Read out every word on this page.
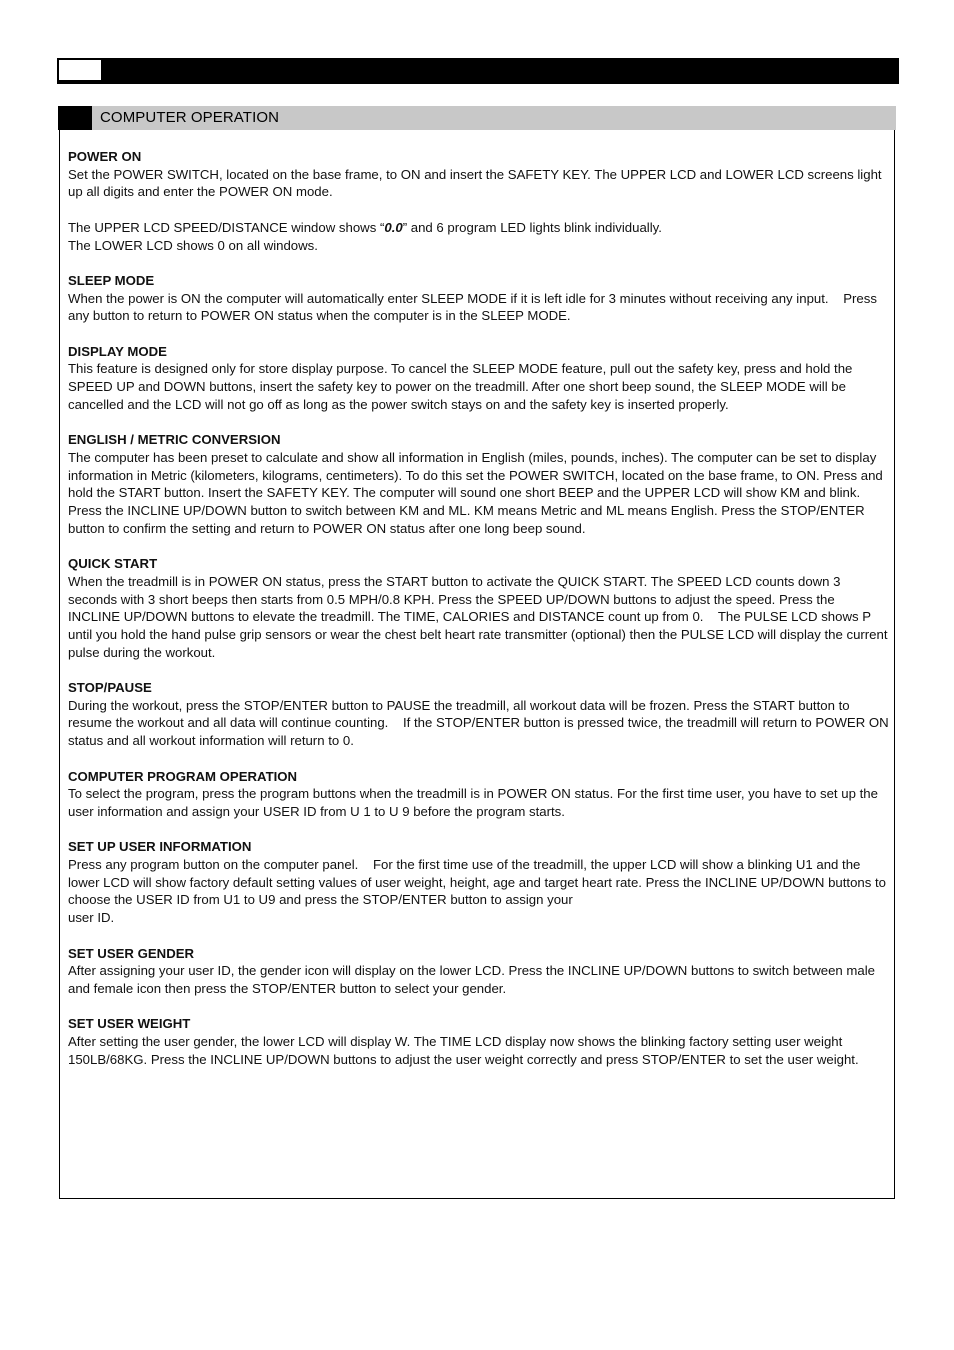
COMPUTER OPERATION
POWER ON

Set the POWER SWITCH, located on the base frame, to ON and insert the SAFETY KEY. The UPPER LCD and LOWER LCD screens light up all digits and enter the POWER ON mode.

The UPPER LCD SPEED/DISTANCE window shows “0.0” and 6 program LED lights blink individually.

The LOWER LCD shows 0 on all windows.

SLEEP MODE

When the power is ON the computer will automatically enter SLEEP MODE if it is left idle for 3 minutes without receiving any input.    Press any button to return to POWER ON status when the computer is in the SLEEP MODE.

DISPLAY MODE

This feature is designed only for store display purpose. To cancel the SLEEP MODE feature, pull out the safety key, press and hold the SPEED UP and DOWN buttons, insert the safety key to power on the treadmill. After one short beep sound, the SLEEP MODE will be cancelled and the LCD will not go off as long as the power switch stays on and the safety key is inserted properly.

ENGLISH / METRIC CONVERSION

The computer has been preset to calculate and show all information in English (miles, pounds, inches). The computer can be set to display information in Metric (kilometers, kilograms, centimeters). To do this set the POWER SWITCH, located on the base frame, to ON. Press and hold the START button. Insert the SAFETY KEY. The computer will sound one short BEEP and the UPPER LCD will show KM and blink. Press the INCLINE UP/DOWN button to switch between KM and ML. KM means Metric and ML means English. Press the STOP/ENTER button to confirm the setting and return to POWER ON status after one long beep sound.

QUICK START

When the treadmill is in POWER ON status, press the START button to activate the QUICK START. The SPEED LCD counts down 3 seconds with 3 short beeps then starts from 0.5 MPH/0.8 KPH. Press the SPEED UP/DOWN buttons to adjust the speed. Press the INCLINE UP/DOWN buttons to elevate the treadmill. The TIME, CALORIES and DISTANCE count up from 0.    The PULSE LCD shows P until you hold the hand pulse grip sensors or wear the chest belt heart rate transmitter (optional) then the PULSE LCD will display the current pulse during the workout.

STOP/PAUSE

During the workout, press the STOP/ENTER button to PAUSE the treadmill, all workout data will be frozen. Press the START button to resume the workout and all data will continue counting.    If the STOP/ENTER button is pressed twice, the treadmill will return to POWER ON status and all workout information will return to 0.

COMPUTER PROGRAM OPERATION

To select the program, press the program buttons when the treadmill is in POWER ON status. For the first time user, you have to set up the user information and assign your USER ID from U 1 to U 9 before the program starts.

SET UP USER INFORMATION

Press any program button on the computer panel.    For the first time use of the treadmill, the upper LCD will show a blinking U1 and the lower LCD will show factory default setting values of user weight, height, age and target heart rate. Press the INCLINE UP/DOWN buttons to choose the USER ID from U1 to U9 and press the STOP/ENTER button to assign your

user ID.

SET USER GENDER

After assigning your user ID, the gender icon will display on the lower LCD. Press the INCLINE UP/DOWN buttons to switch between male and female icon then press the STOP/ENTER button to select your gender.

SET USER WEIGHT

After setting the user gender, the lower LCD will display W. The TIME LCD display now shows the blinking factory setting user weight 150LB/68KG. Press the INCLINE UP/DOWN buttons to adjust the user weight correctly and press STOP/ENTER to set the user weight.
